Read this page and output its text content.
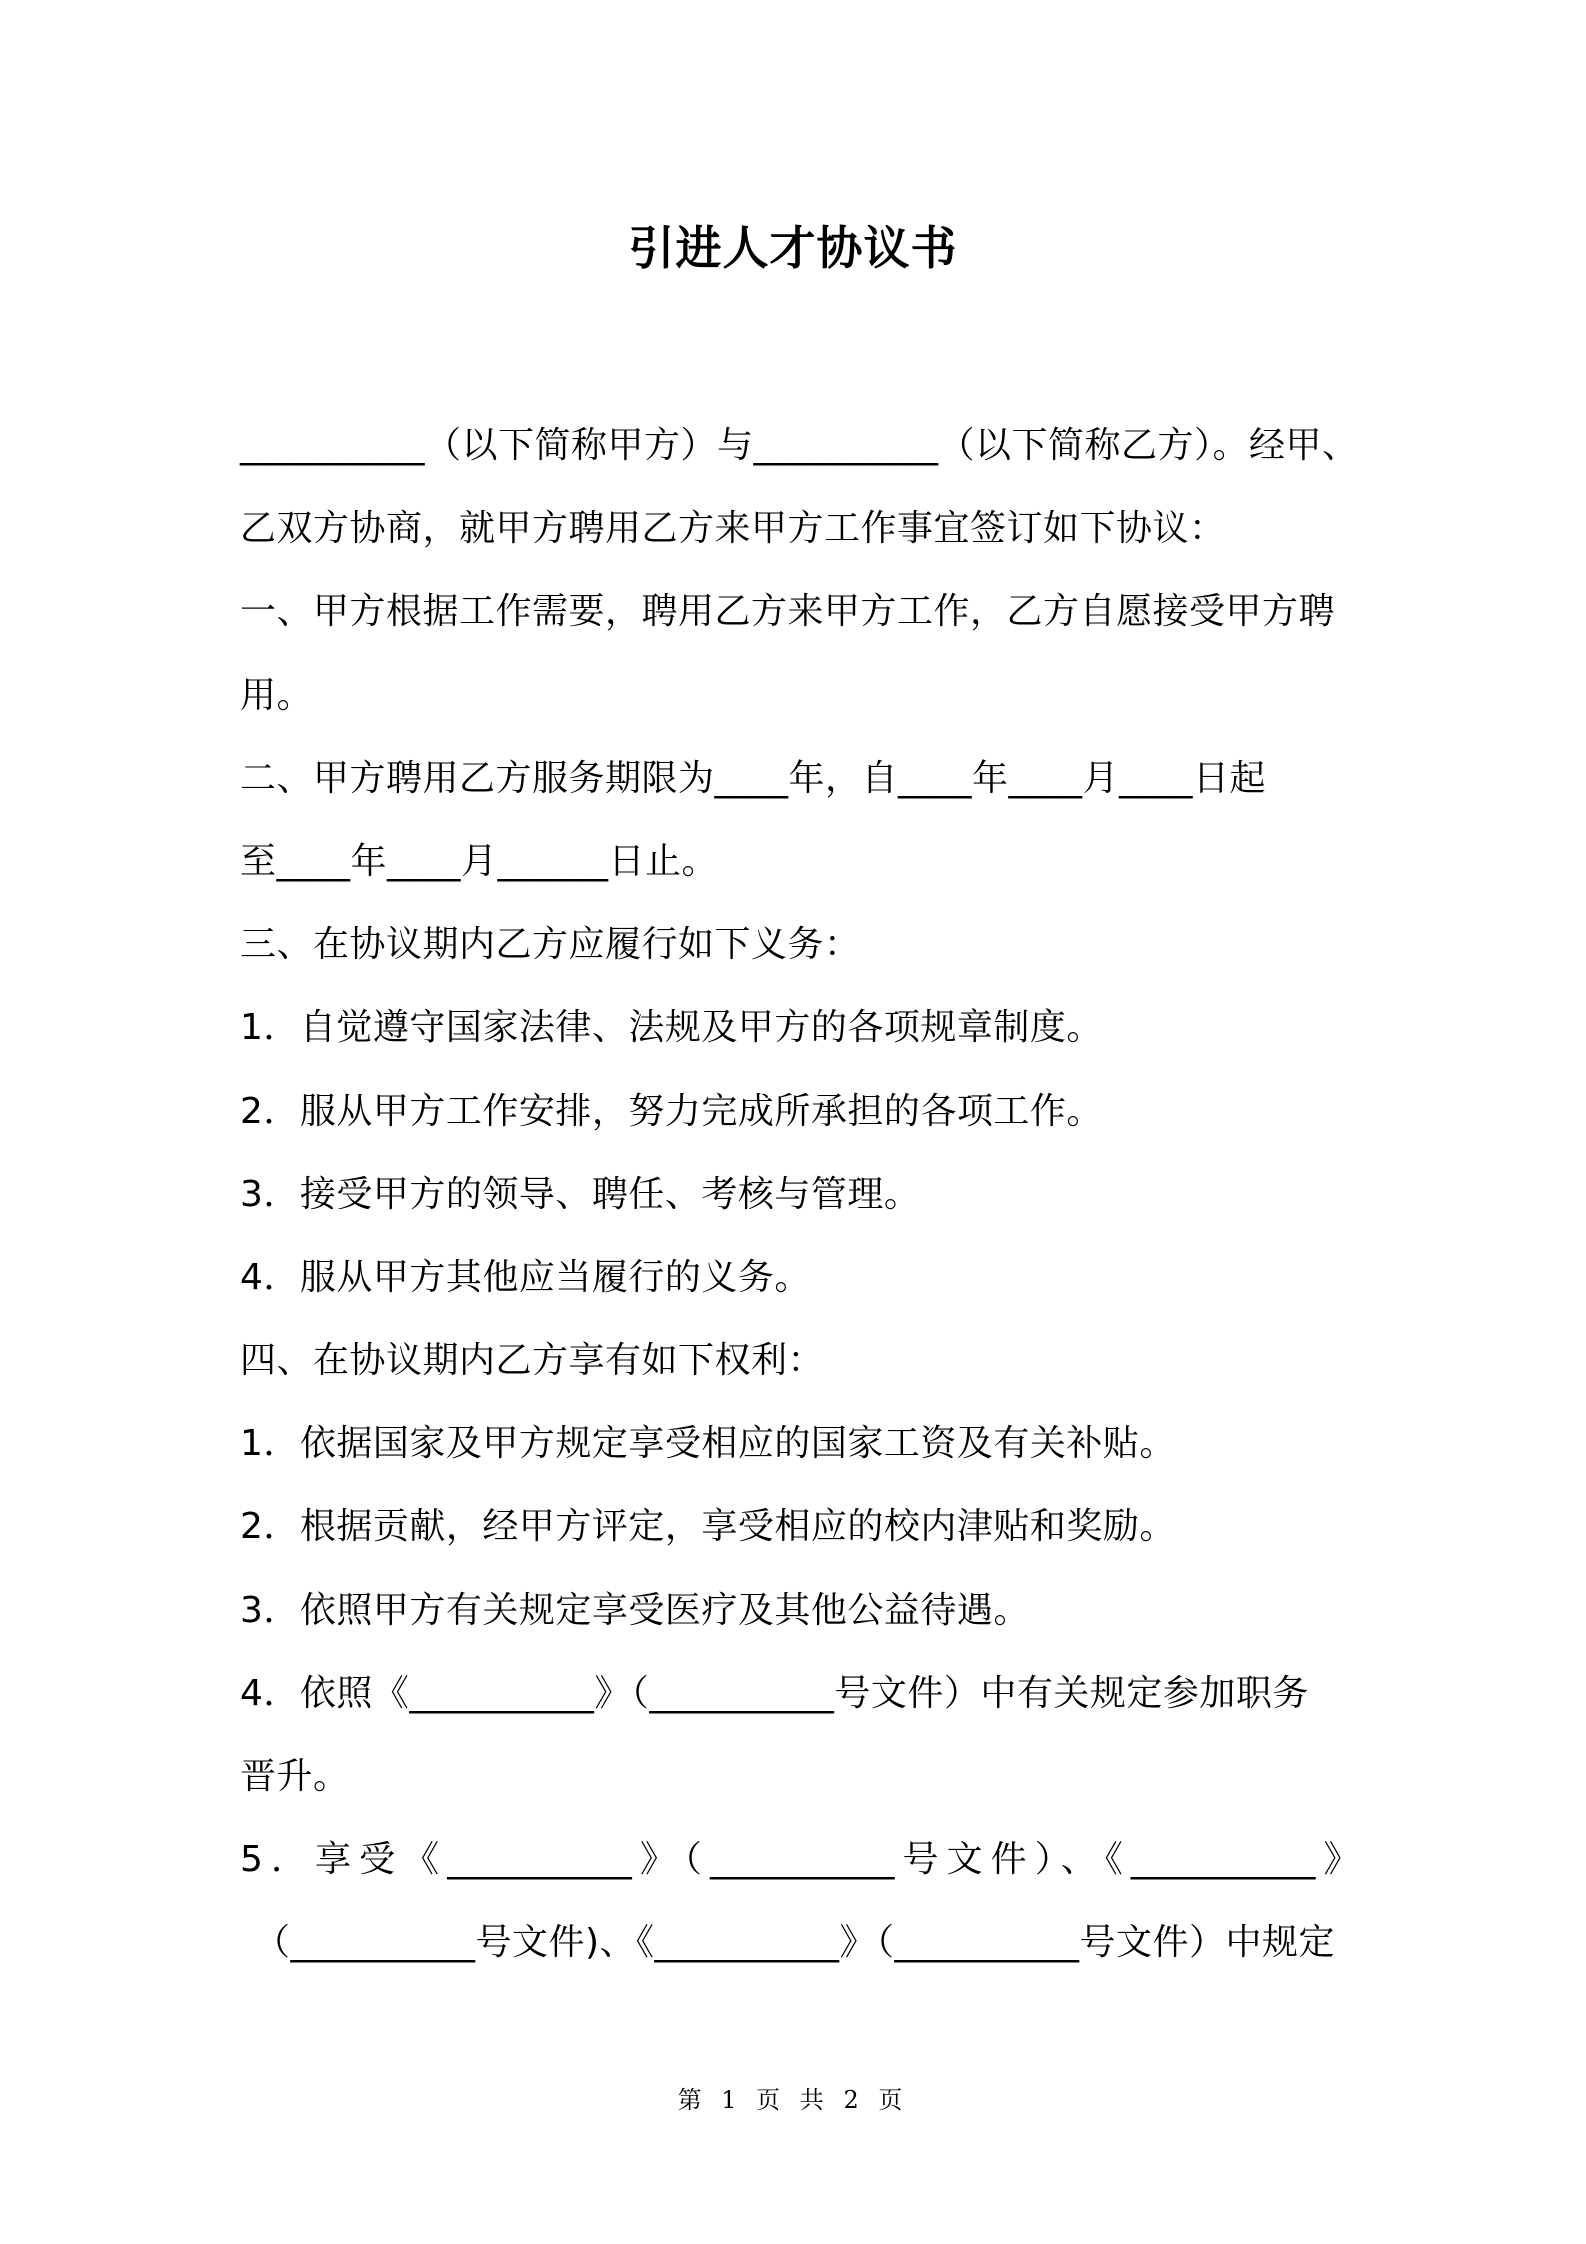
引进人才协议书
__________（以下简称甲方）与__________（以下简称乙方）。经甲、
乙双方协商，就甲方聘用乙方来甲方工作事宜签订如下协议：
一、甲方根据工作需要，聘用乙方来甲方工作，乙方自愿接受甲方聘
用。
二、甲方聘用乙方服务期限为____年，自____年____月____日起
至____年____月______日止。
三、在协议期内乙方应履行如下义务：
1．自觉遵守国家法律、法规及甲方的各项规章制度。
2．服从甲方工作安排，努力完成所承担的各项工作。
3．接受甲方的领导、聘任、考核与管理。
4．服从甲方其他应当履行的义务。
四、在协议期内乙方享有如下权利：
1．依据国家及甲方规定享受相应的国家工资及有关补贴。
2．根据贡献，经甲方评定，享受相应的校内津贴和奖励。
3．依照甲方有关规定享受医疗及其他公益待遇。
4．依照《__________》（__________号文件）中有关规定参加职务
晋升。
5．享受《__________》（__________号文件）、《__________》
（__________号文件)、《__________》（__________号文件）中规定
第 1 页 共 2 页
